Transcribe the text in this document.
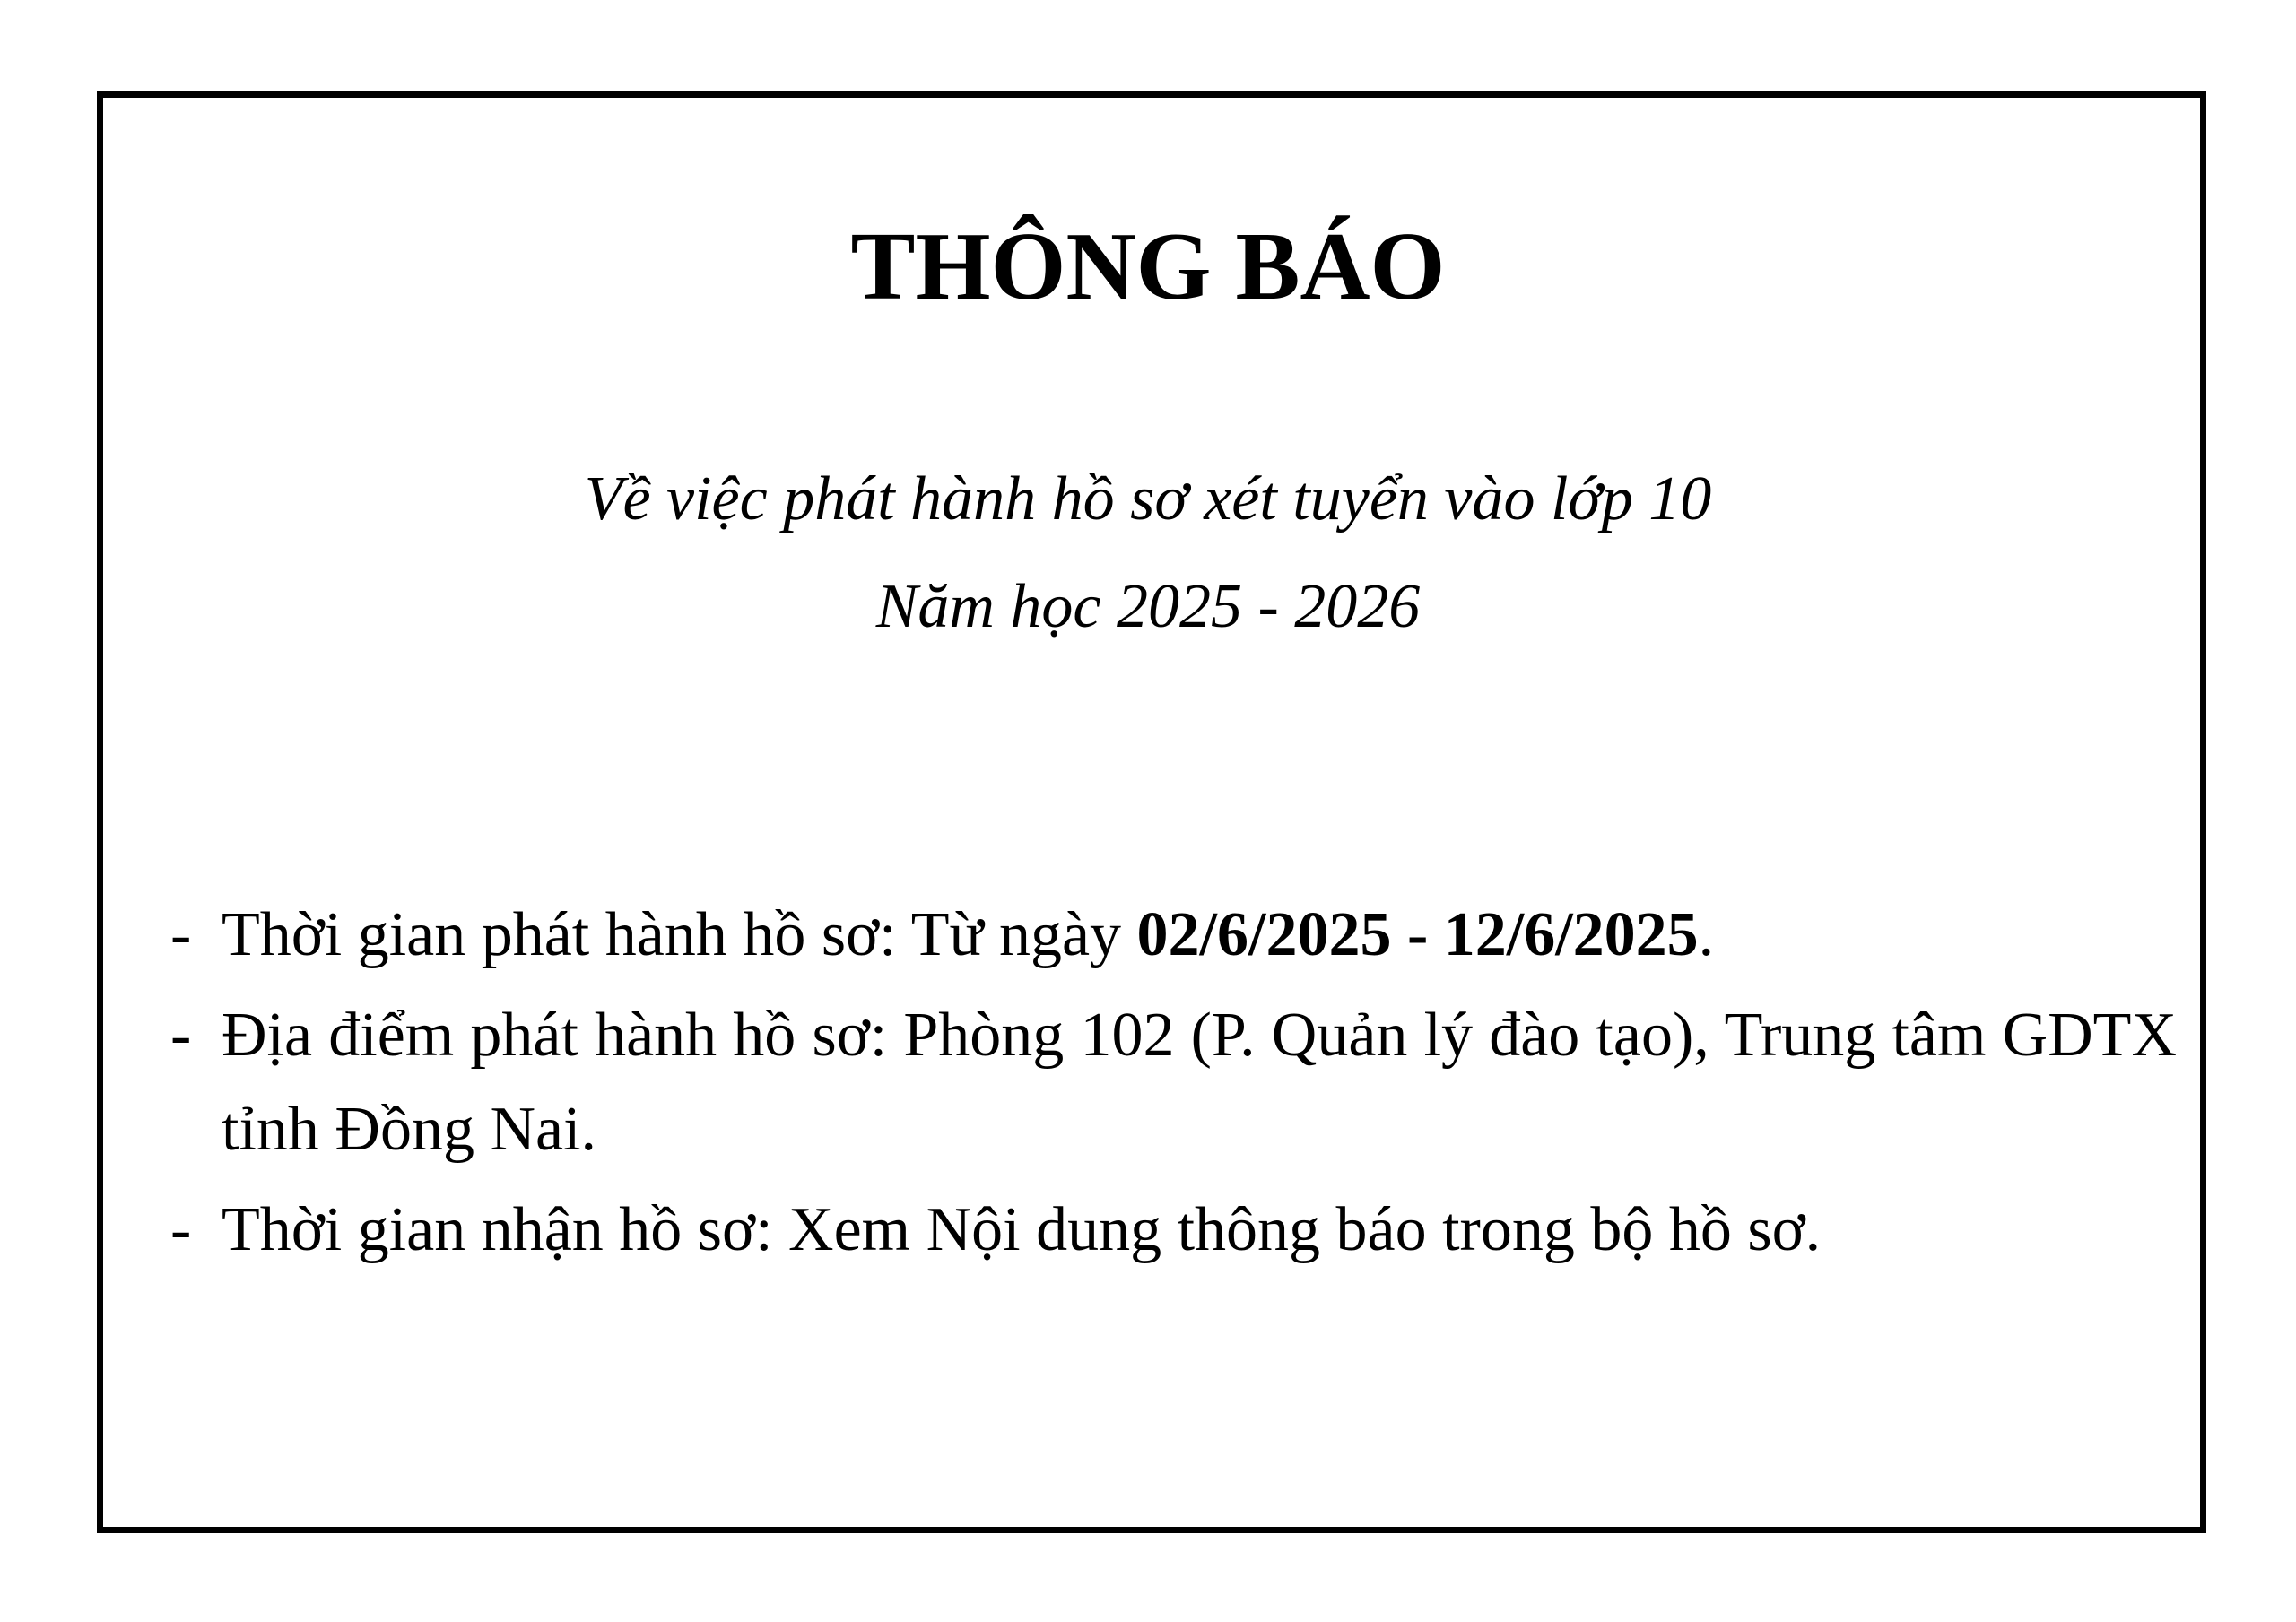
THÔNG BÁO

Về việc phát hành hồ sơ xét tuyển vào lớp 10

Năm học 2025 - 2026

- Thời gian phát hành hồ sơ: Từ ngày 02/6/2025 - 12/6/2025.

- Địa điểm phát hành hồ sơ: Phòng 102 (P. Quản lý đào tạo), Trung tâm GDTX tỉnh Đồng Nai.

- Thời gian nhận hồ sơ: Xem Nội dung thông báo trong bộ hồ sơ.
